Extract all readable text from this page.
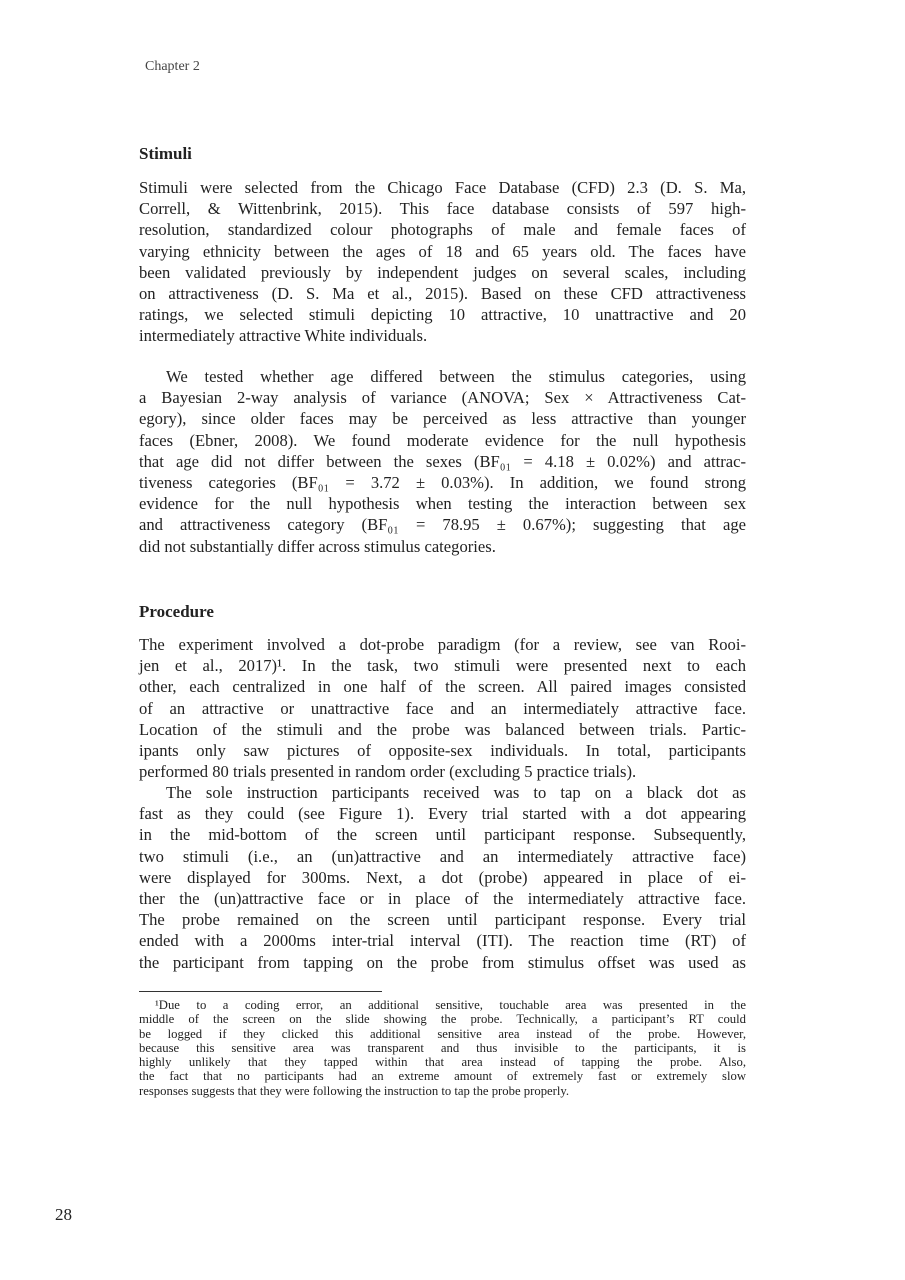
Chapter 2
Stimuli
Stimuli were selected from the Chicago Face Database (CFD) 2.3 (D. S. Ma,
Correll, & Wittenbrink, 2015). This face database consists of 597 high-
resolution, standardized colour photographs of male and female faces of
varying ethnicity between the ages of 18 and 65 years old. The faces have
been validated previously by independent judges on several scales, including
on attractiveness (D. S. Ma et al., 2015). Based on these CFD attractiveness
ratings, we selected stimuli depicting 10 attractive, 10 unattractive and 20
intermediately attractive White individuals.
We tested whether age differed between the stimulus categories, using
a Bayesian 2-way analysis of variance (ANOVA; Sex × Attractiveness Cat-
egory), since older faces may be perceived as less attractive than younger
faces (Ebner, 2008). We found moderate evidence for the null hypothesis
that age did not differ between the sexes (BF₀₁ = 4.18 ± 0.02%) and attrac-
tiveness categories (BF₀₁ = 3.72 ± 0.03%). In addition, we found strong
evidence for the null hypothesis when testing the interaction between sex
and attractiveness category (BF₀₁ = 78.95 ± 0.67%); suggesting that age
did not substantially differ across stimulus categories.
Procedure
The experiment involved a dot-probe paradigm (for a review, see van Rooi-
jen et al., 2017)¹. In the task, two stimuli were presented next to each
other, each centralized in one half of the screen. All paired images consisted
of an attractive or unattractive face and an intermediately attractive face.
Location of the stimuli and the probe was balanced between trials. Partic-
ipants only saw pictures of opposite-sex individuals. In total, participants
performed 80 trials presented in random order (excluding 5 practice trials).
The sole instruction participants received was to tap on a black dot as
fast as they could (see Figure 1). Every trial started with a dot appearing
in the mid-bottom of the screen until participant response. Subsequently,
two stimuli (i.e., an (un)attractive and an intermediately attractive face)
were displayed for 300ms. Next, a dot (probe) appeared in place of ei-
ther the (un)attractive face or in place of the intermediately attractive face.
The probe remained on the screen until participant response. Every trial
ended with a 2000ms inter-trial interval (ITI). The reaction time (RT) of
the participant from tapping on the probe from stimulus offset was used as
¹Due to a coding error, an additional sensitive, touchable area was presented in the
middle of the screen on the slide showing the probe. Technically, a participant’s RT could
be logged if they clicked this additional sensitive area instead of the probe. However,
because this sensitive area was transparent and thus invisible to the participants, it is
highly unlikely that they tapped within that area instead of tapping the probe. Also,
the fact that no participants had an extreme amount of extremely fast or extremely slow
responses suggests that they were following the instruction to tap the probe properly.
28
